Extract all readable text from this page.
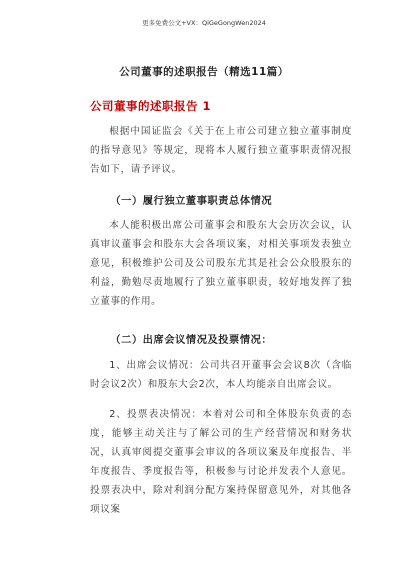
更多免费公文+VX：QiGeGongWen2024
公司董事的述职报告（精选11篇）
公司董事的述职报告 1
根据中国证监会《关于在上市公司建立独立董事制度的指导意见》等规定，现将本人履行独立董事职责情况报告如下，请予评议。
（一）履行独立董事职责总体情况
本人能积极出席公司董事会和股东大会历次会议，认真审议董事会和股东大会各项议案，对相关事项发表独立意见，积极维护公司及公司股东尤其是社会公众股股东的利益，勤勉尽责地履行了独立董事职责，较好地发挥了独立董事的作用。
（二）出席会议情况及投票情况：
1、出席会议情况：公司共召开董事会会议8次（含临时会议2次）和股东大会2次，本人均能亲自出席会议。
2、投票表决情况：本着对公司和全体股东负责的态度，能够主动关注与了解公司的生产经营情况和财务状况，认真审阅提交董事会审议的各项议案及年度报告、半年度报告、季度报告等，积极参与讨论并发表个人意见。投票表决中，除对利润分配方案持保留意见外，对其他各项议案
